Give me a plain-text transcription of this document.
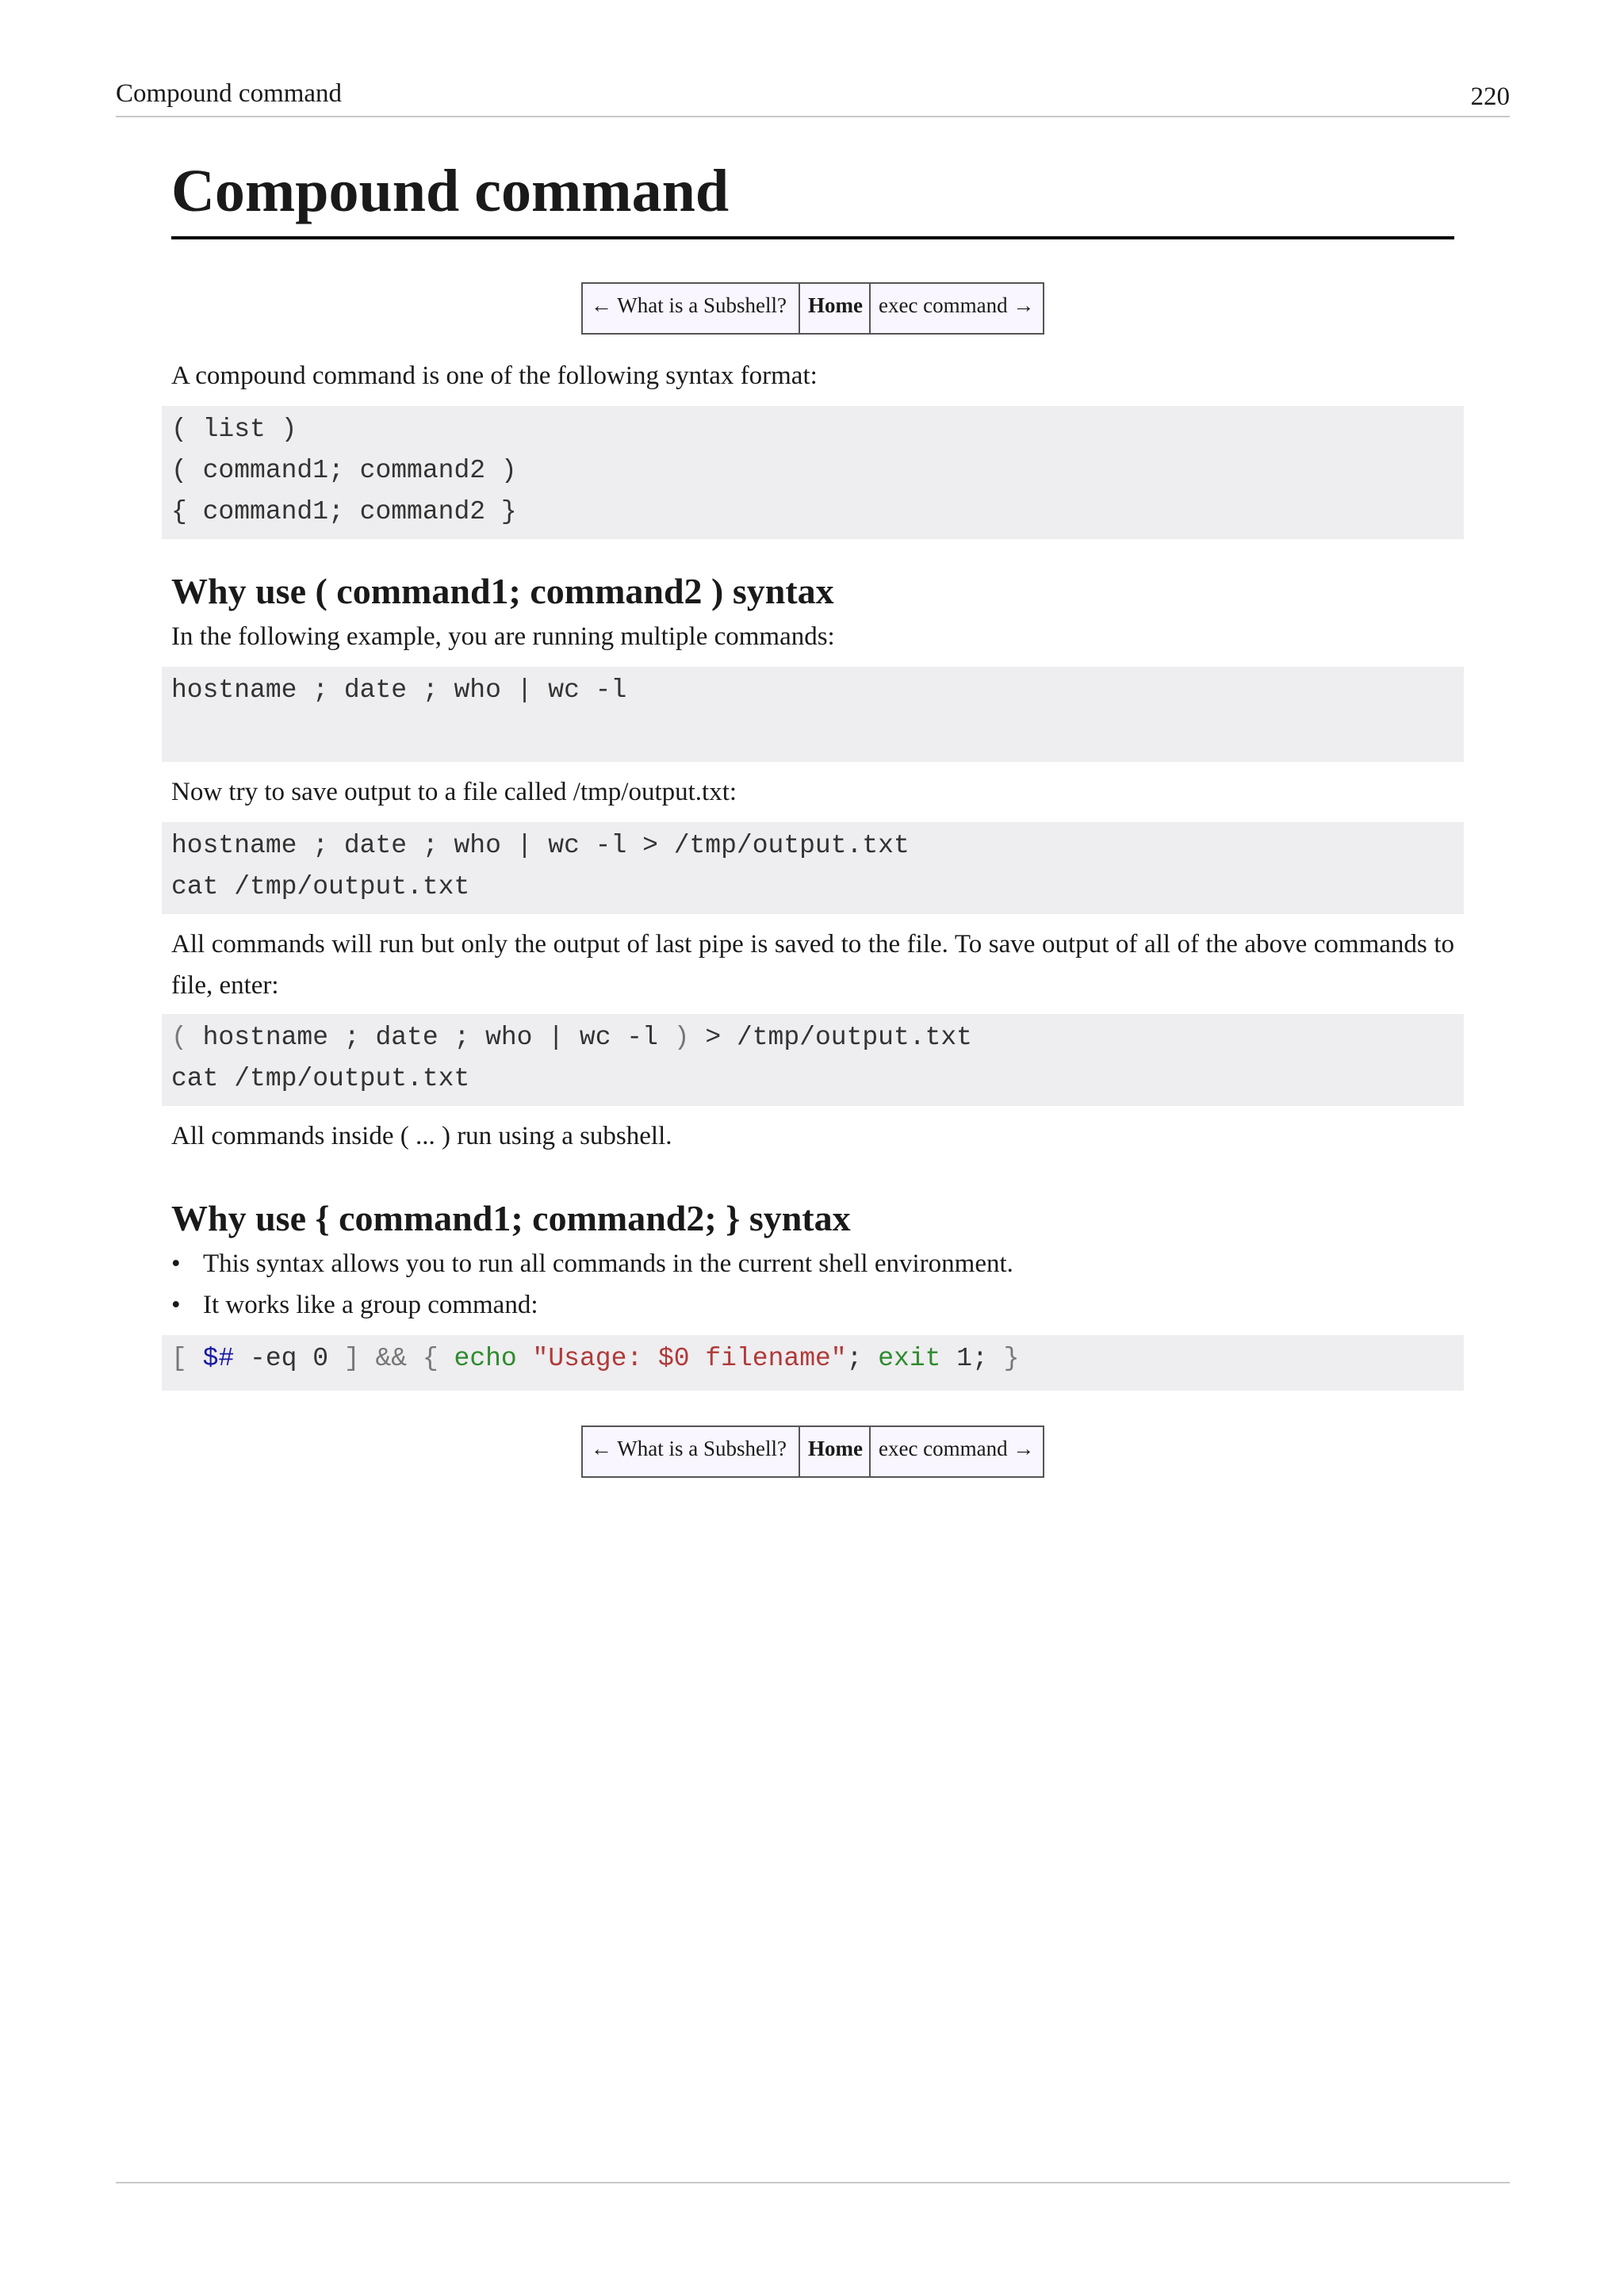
Compound command	220
Compound command
← What is a Subshell?	Home	exec command →

A compound command is one of the following syntax format:

( list )
( command1; command2 )
{ command1; command2 }
Why use ( command1; command2 ) syntax

In the following example, you are running multiple commands:

hostname ; date ; who | wc -l

Now try to save output to a file called /tmp/output.txt:

hostname ; date ; who | wc -l > /tmp/output.txt
cat /tmp/output.txt

All commands will run but only the output of last pipe is saved to the file. To save output of all of the above commands to file, enter:

( hostname ; date ; who | wc -l ) > /tmp/output.txt
cat /tmp/output.txt

All commands inside ( ... ) run using a subshell.

Why use { command1; command2; } syntax
• This syntax allows you to run all commands in the current shell environment.
• It works like a group command:
[ $# -eq 0 ] && { echo "Usage: $0 filename"; exit 1; }
← What is a Subshell?	Home	exec command →
